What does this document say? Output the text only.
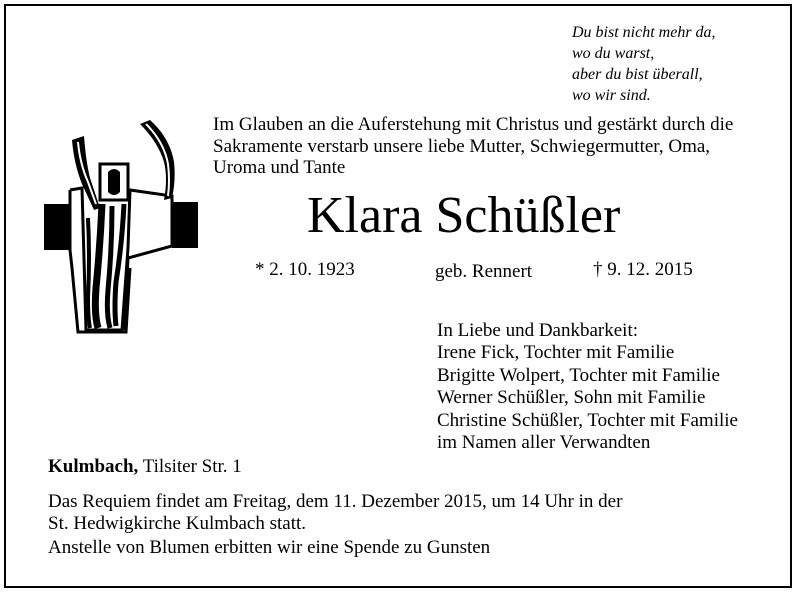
Du bist nicht mehr da,
wo du warst,
aber du bist überall,
wo wir sind.
Im Glauben an die Auferstehung mit Christus und gestärkt durch die
Sakramente verstarb unsere liebe Mutter, Schwiegermutter, Oma,
Uroma und Tante
Klara Schüßler
* 2. 10. 1923	geb. Rennert	† 9. 12. 2015
In Liebe und Dankbarkeit:
Irene Fick, Tochter mit Familie
Brigitte Wolpert, Tochter mit Familie
Werner Schüßler, Sohn mit Familie
Christine Schüßler, Tochter mit Familie
im Namen aller Verwandten
Kulmbach, Tilsiter Str. 1
Das Requiem findet am Freitag, dem 11. Dezember 2015, um 14 Uhr in der
St. Hedwigkirche Kulmbach statt.
Anstelle von Blumen erbitten wir eine Spende zu Gunsten
